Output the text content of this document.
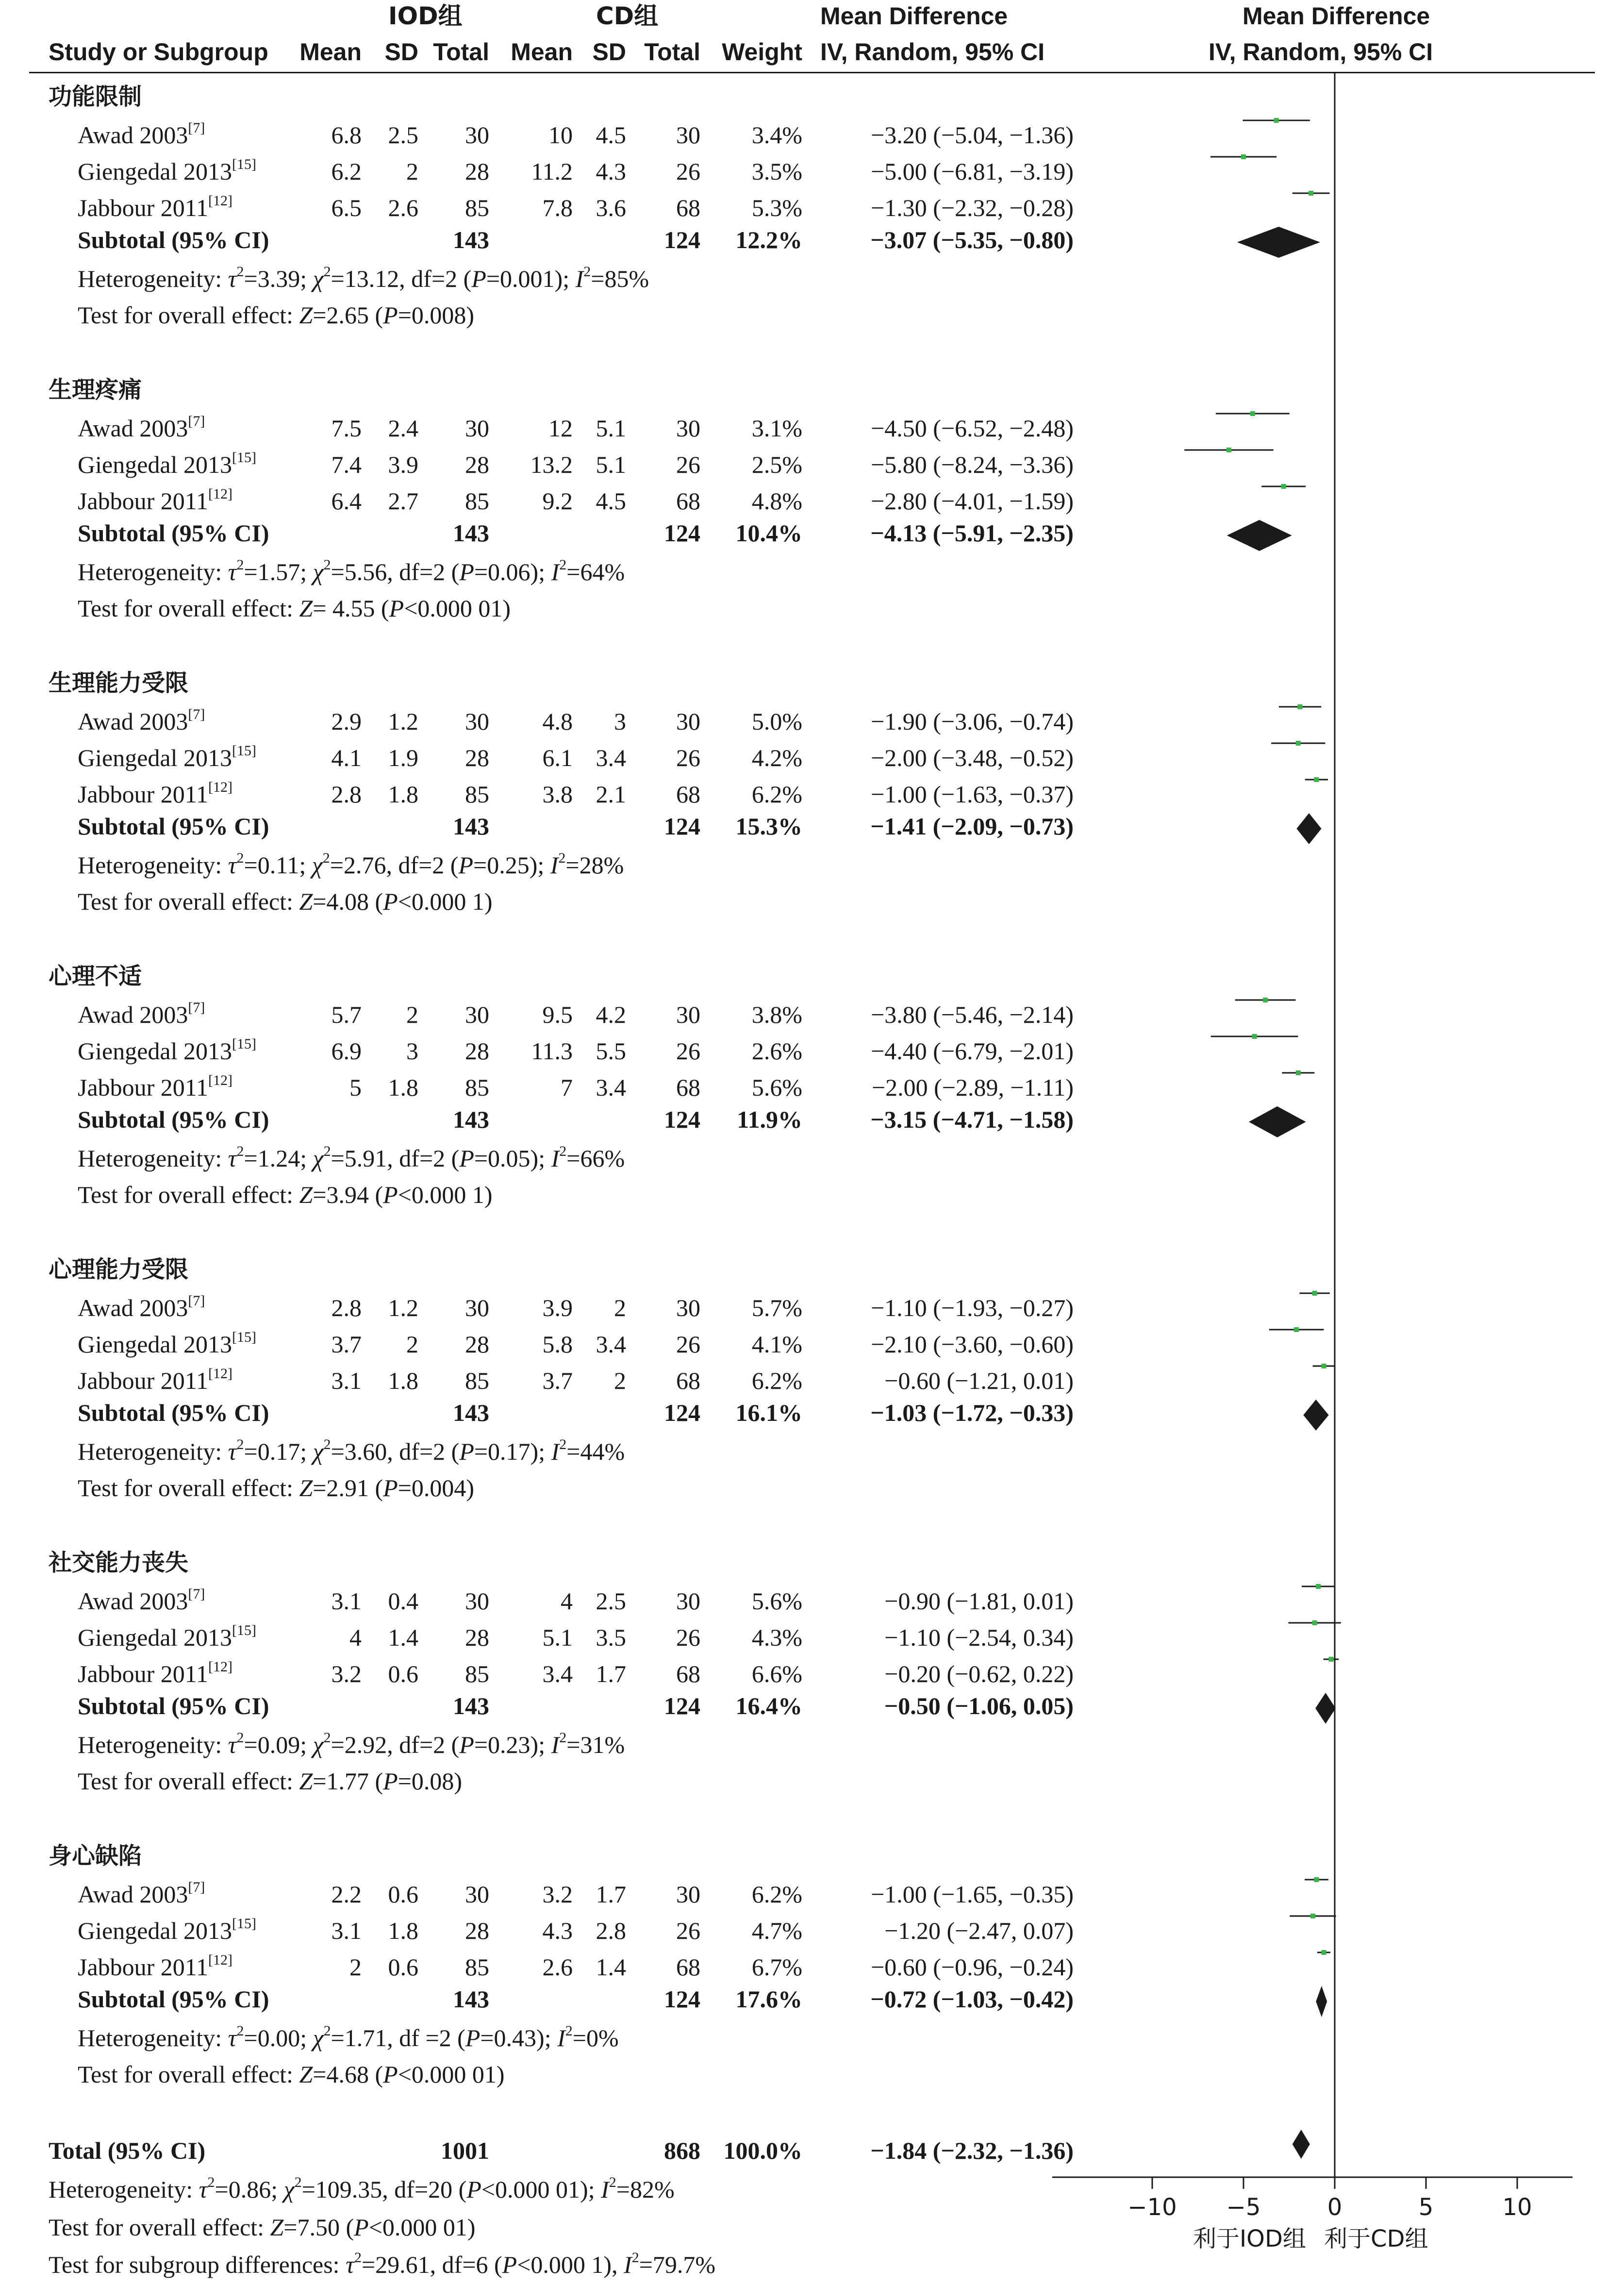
Study or Subgroup
IOD组	CD组
Mean SD Total Mean SD Total Weight
Mean Difference
IV, Random, 95% CI
Mean Difference
IV, Random, 95% CI
功能限制
Awad 2003[7]	6.8 2.5 30 10 4.5 30 3.4%	−3.20 (−5.04, −1.36)
Giengedal 2013[15]	6.2 2 28 11.2 4.3 26 3.5%	−5.00 (−6.81, −3.19)
Jabbour 2011[12]	6.5 2.6 85 7.8 3.6 68 5.3%	−1.30 (−2.32, −0.28)
Subtotal (95% CI)	143	124 12.2%	−3.07 (−5.35, −0.80)
Heterogeneity: $\tau^2=3.39$; $\chi^2=13.12$, df=2 (P=0.001); $I^2=85\%$
Test for overall effect: Z=2.65 (P=0.008)
生理疼痛
Awad 2003[7]	7.5 2.4 30 12 5.1 30 3.1%	−4.50 (−6.52, −2.48)
Giengedal 2013[15]	7.4 3.9 28 13.2 5.1 26 2.5%	−5.80 (−8.24, −3.36)
Jabbour 2011[12]	6.4 2.7 85 9.2 4.5 68 4.8%	−2.80 (−4.01, −1.59)
Subtotal (95% CI)	143	124 10.4%	−4.13 (−5.91, −2.35)
Heterogeneity: $\tau^2=1.57$; $\chi^2=5.56$, df=2 (P=0.06); $I^2=64\%$
Test for overall effect: Z= 4.55 (P<0.000 01)
生理能力受限
Awad 2003[7]	2.9 1.2 30 4.8 3 30 5.0%	−1.90 (−3.06, −0.74)
Giengedal 2013[15]	4.1 1.9 28 6.1 3.4 26 4.2%	−2.00 (−3.48, −0.52)
Jabbour 2011[12]	2.8 1.8 85 3.8 2.1 68 6.2%	−1.00 (−1.63, −0.37)
Subtotal (95% CI)	143	124 15.3%	−1.41 (−2.09, −0.73)
Heterogeneity: $\tau^2=0.11$; $\chi^2=2.76$, df=2 (P=0.25); $I^2=28\%$
Test for overall effect: Z=4.08 (P<0.000 1)
心理不适
Awad 2003[7]	5.7 2 30 9.5 4.2 30 3.8%	−3.80 (−5.46, −2.14)
Giengedal 2013[15]	6.9 3 28 11.3 5.5 26 2.6%	−4.40 (−6.79, −2.01)
Jabbour 2011[12]	5 1.8 85	7 3.4 68 5.6%	−2.00 (−2.89, −1.11)
Subtotal (95% CI)	143	124 11.9%	−3.15 (−4.71, −1.58)
Heterogeneity: $\tau^2=1.24$; $\chi^2=5.91$, df=2 (P=0.05); $I^2=66\%$
Test for overall effect: Z=3.94 (P<0.000 1)
心理能力受限
Awad 2003[7]	2.8 1.2 30 3.9 2 30 5.7%	−1.10 (−1.93, −0.27)
Giengedal 2013[15]	3.7 2 28 5.8 3.4 26 4.1%	−2.10 (−3.60, −0.60)
Jabbour 2011[12]	3.1 1.8 85 3.7 2 68 6.2%	−0.60 (−1.21, 0.01)
Subtotal (95% CI)	143	124 16.1%	−1.03 (−1.72, −0.33)
Heterogeneity: $\tau^2=0.17$; $\chi^2=3.60$, df=2 (P=0.17); $I^2=44\%$
Test for overall effect: Z=2.91 (P=0.004)
社交能力丧失
Awad 2003[7]	3.1 0.4 30	4 2.5 30 5.6%	−0.90 (−1.81, 0.01)
Giengedal 2013[15]	4 1.4 28 5.1 3.5 26 4.3%	−1.10 (−2.54, 0.34)
Jabbour 2011[12]	3.2 0.6 85 3.4 1.7 68 6.6%	−0.20 (−0.62, 0.22)
Subtotal (95% CI)	143	124 16.4%	−0.50 (−1.06, 0.05)
Heterogeneity: $\tau^2=0.09$; $\chi^2=2.92$, df=2 (P=0.23); $I^2=31\%$
Test for overall effect: Z=1.77 (P=0.08)
身心缺陷
Awad 2003[7]	2.2 0.6 30 3.2 1.7 30 6.2%	−1.00 (−1.65, −0.35)
Giengedal 2013[15]	3.1 1.8 28 4.3 2.8 26 4.7%	−1.20 (−2.47, 0.07)
Jabbour 2011[12]	2 0.6 85 2.6 1.4 68 6.7%	−0.60 (−0.96, −0.24)
Subtotal (95% CI)	143	124 17.6%	−0.72 (−1.03, −0.42)
Heterogeneity: $\tau^2=0.00$; $\chi^2=1.71$, df =2 (P=0.43); $I^2=0\%$
Test for overall effect: Z=4.68 (P<0.000 01)
Total (95% CI)	1001	868 100.0%	−1.84 (−2.32, −1.36)
Heterogeneity: $\tau^2=0.86$; $\chi^2=109.35$, df=20 (P<0.000 01); $I^2=82\%$
Test for overall effect: Z=7.50 (P<0.000 01)
Test for subgroup differences: $\tau^2=29.61$, df=6 (P<0.000 1), $I^2=79.7\%$
−10 −5	0	5	10
利于IOD组 利于CD组
